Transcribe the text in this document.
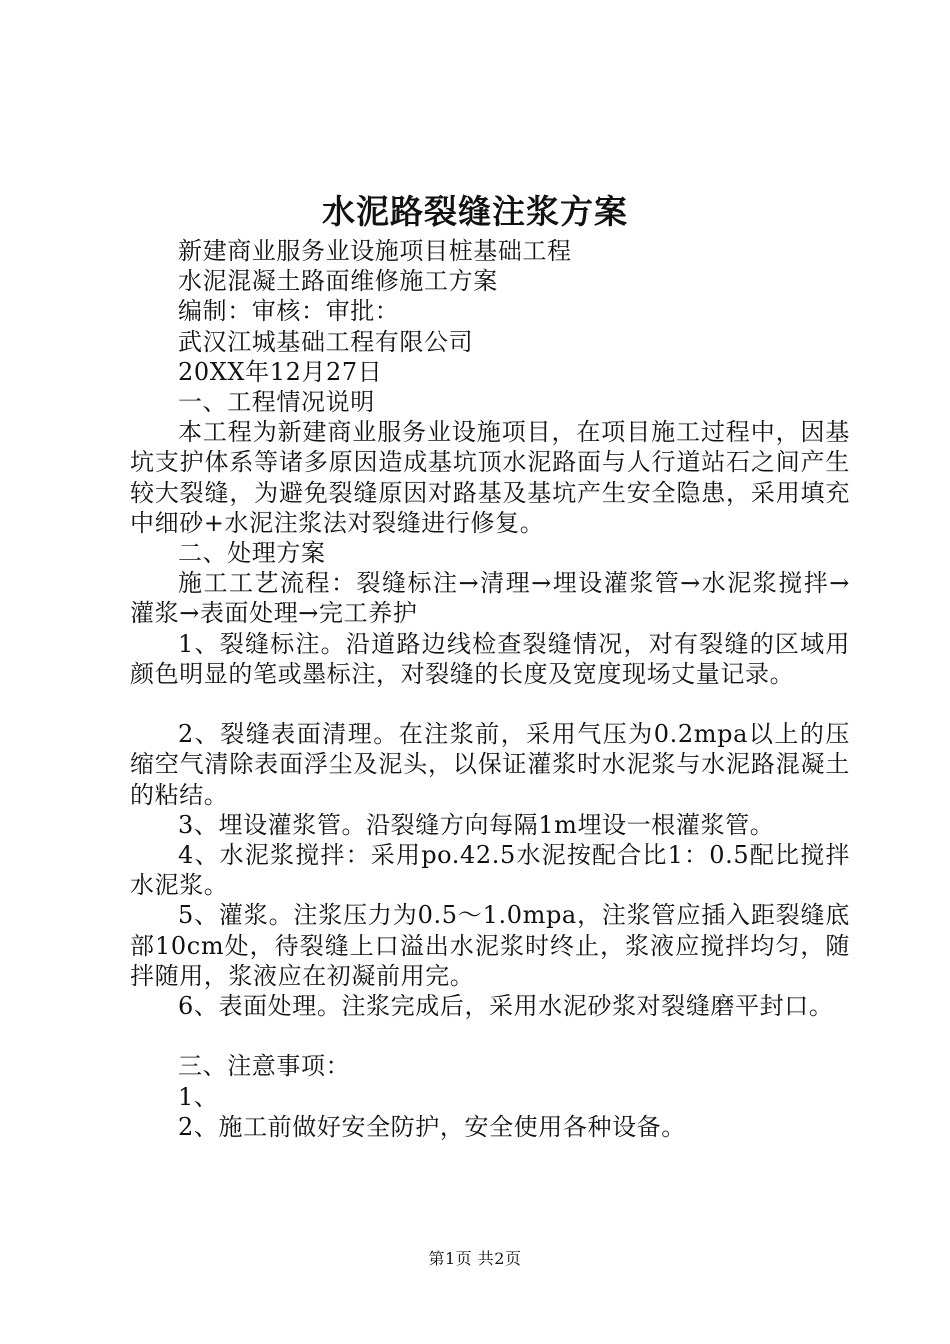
水泥路裂缝注浆方案

新建商业服务业设施项目桩基础工程

水泥混凝土路面维修施工方案

编制：审核：审批：

武汉江城基础工程有限公司

20XX年12月27日

一、工程情况说明

本工程为新建商业服务业设施项目，在项目施工过程中，因基坑支护体系等诸多原因造成基坑顶水泥路面与人行道站石之间产生较大裂缝，为避免裂缝原因对路基及基坑产生安全隐患，采用填充中细砂+水泥注浆法对裂缝进行修复。

二、处理方案

施工工艺流程：裂缝标注→清理→埋设灌浆管→水泥浆搅拌→灌浆→表面处理→完工养护

1、裂缝标注。沿道路边线检查裂缝情况，对有裂缝的区域用颜色明显的笔或墨标注，对裂缝的长度及宽度现场丈量记录。

2、裂缝表面清理。在注浆前，采用气压为0.2mpa以上的压缩空气清除表面浮尘及泥头，以保证灌浆时水泥浆与水泥路混凝土的粘结。

3、埋设灌浆管。沿裂缝方向每隔1m埋设一根灌浆管。

4、水泥浆搅拌：采用po.42.5水泥按配合比1：0.5配比搅拌水泥浆。

5、灌浆。注浆压力为0.5～1.0mpa，注浆管应插入距裂缝底部10cm处，待裂缝上口溢出水泥浆时终止，浆液应搅拌均匀，随拌随用，浆液应在初凝前用完。

6、表面处理。注浆完成后，采用水泥砂浆对裂缝磨平封口。

三、注意事项：

1、

2、施工前做好安全防护，安全使用各种设备。

第1页 共2页
